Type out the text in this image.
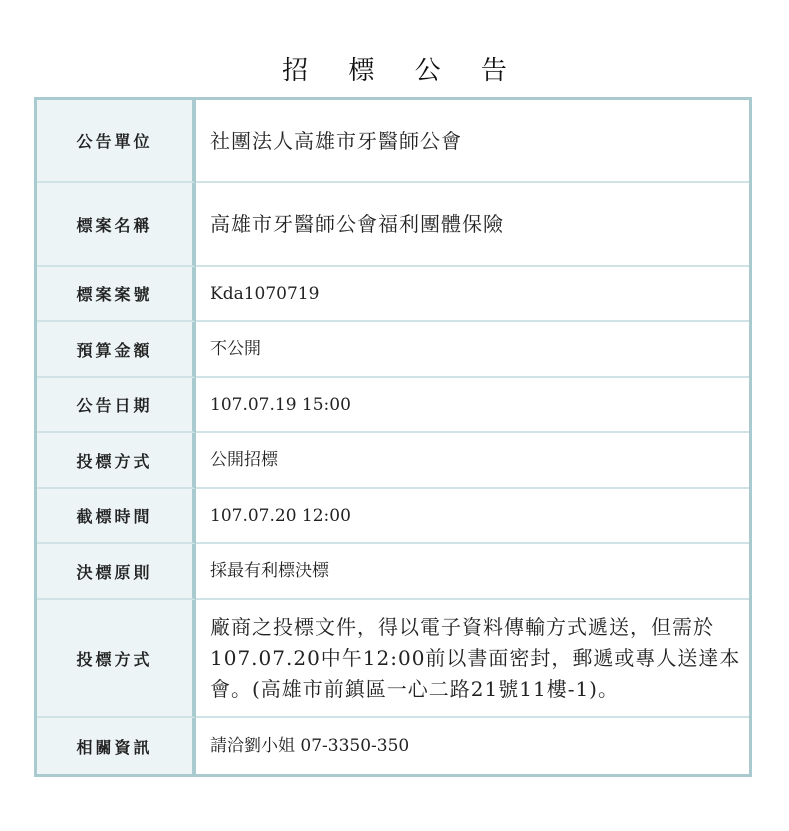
招 標 公 告
公告單位	社團法人高雄市牙醫師公會
標案名稱	高雄市牙醫師公會福利團體保險
標案案號	Kda1070719
預算金額	不公開
公告日期	107.07.19 15:00
投標方式	公開招標
截標時間	107.07.20 12:00
決標原則	採最有利標決標
投標方式	廠商之投標文件，得以電子資料傳輸方式遞送，但需於107.07.20中午12:00前以書面密封，郵遞或專人送達本會。(高雄市前鎮區一心二路21號11樓-1)。
相關資訊	請洽劉小姐 07-3350-350
